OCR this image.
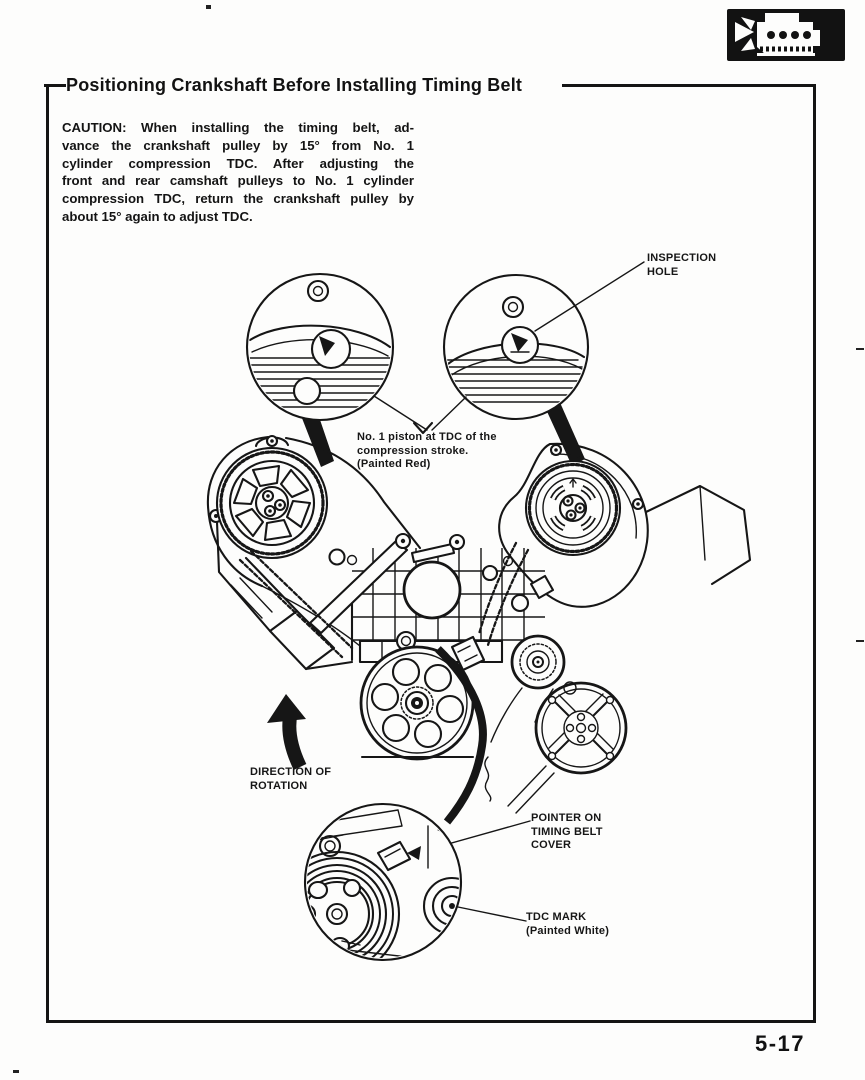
Positioning Crankshaft Before Installing Timing Belt
CAUTION: When installing the timing belt, ad-
vance the crankshaft pulley by 15° from No. 1
cylinder compression TDC. After adjusting the
front and rear camshaft pulleys to No. 1 cylinder
compression TDC, return the crankshaft pulley by
about 15° again to adjust TDC.
INSPECTION
HOLE
No. 1 piston at TDC of the
compression stroke.
(Painted Red)
DIRECTION OF
ROTATION
POINTER ON
TIMING BELT
COVER
TDC MARK
(Painted White)
5-17
